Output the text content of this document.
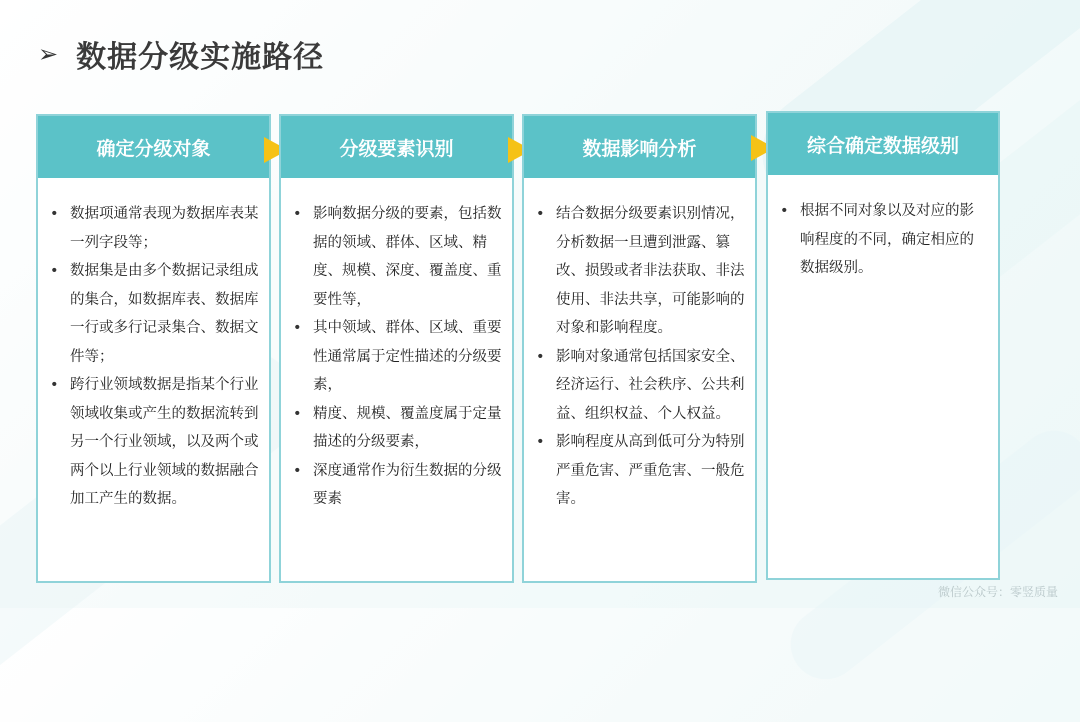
➢ 数据分级实施路径
确定分级对象
• 数据项通常表现为数据库表某一列字段等；
• 数据集是由多个数据记录组成的集合，如数据库表、数据库一行或多行记录集合、数据文件等；
• 跨行业领域数据是指某个行业领域收集或产生的数据流转到另一个行业领域，以及两个或两个以上行业领域的数据融合加工产生的数据。
分级要素识别
• 影响数据分级的要素，包括数据的领域、群体、区域、精度、规模、深度、覆盖度、重要性等，
• 其中领域、群体、区域、重要性通常属于定性描述的分级要素，
• 精度、规模、覆盖度属于定量描述的分级要素，
• 深度通常作为衍生数据的分级要素
数据影响分析
• 结合数据分级要素识别情况，分析数据一旦遭到泄露、篡改、损毁或者非法获取、非法使用、非法共享，可能影响的对象和影响程度。
• 影响对象通常包括国家安全、经济运行、社会秩序、公共利益、组织权益、个人权益。
• 影响程度从高到低可分为特别严重危害、严重危害、一般危害。
综合确定数据级别
• 根据不同对象以及对应的影响程度的不同，确定相应的数据级别。
微信公众号：零竖质量
